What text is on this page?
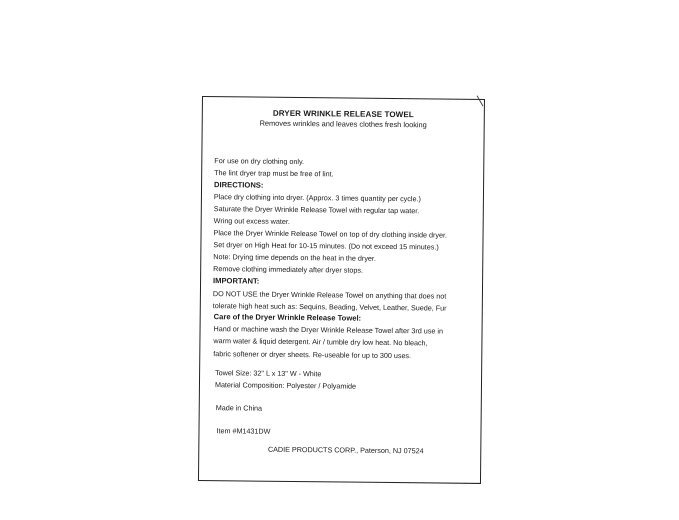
DRYER WRINKLE RELEASE TOWEL
Removes wrinkles and leaves clothes fresh looking
For use on dry clothing only.
The lint dryer trap must be free of lint.
DIRECTIONS:
Place dry clothing into dryer. (Approx. 3 times quantity per cycle.)
Saturate the Dryer Wrinkle Release Towel with regular tap water.
Wring out excess water.
Place the Dryer Wrinkle Release Towel on top of dry clothing inside dryer.
Set dryer on High Heat for 10-15 minutes. (Do not exceed 15 minutes.)
Note: Drying time depends on the heat in the dryer.
Remove clothing immediately after dryer stops.
IMPORTANT:
DO NOT USE the Dryer Wrinkle Release Towel on anything that does not
tolerate high heat such as: Sequins, Beading, Velvet, Leather, Suede, Fur
Care of the Dryer Wrinkle Release Towel:
Hand or machine wash the Dryer Wrinkle Release Towel after 3rd use in
warm water & liquid detergent. Air / tumble dry low heat. No bleach,
fabric softener or dryer sheets. Re-useable for up to 300 uses.
Towel Size: 32" L x 13" W - White
Material Composition: Polyester / Polyamide
Made in China
Item #M1431DW
CADIE PRODUCTS CORP., Paterson, NJ 07524
